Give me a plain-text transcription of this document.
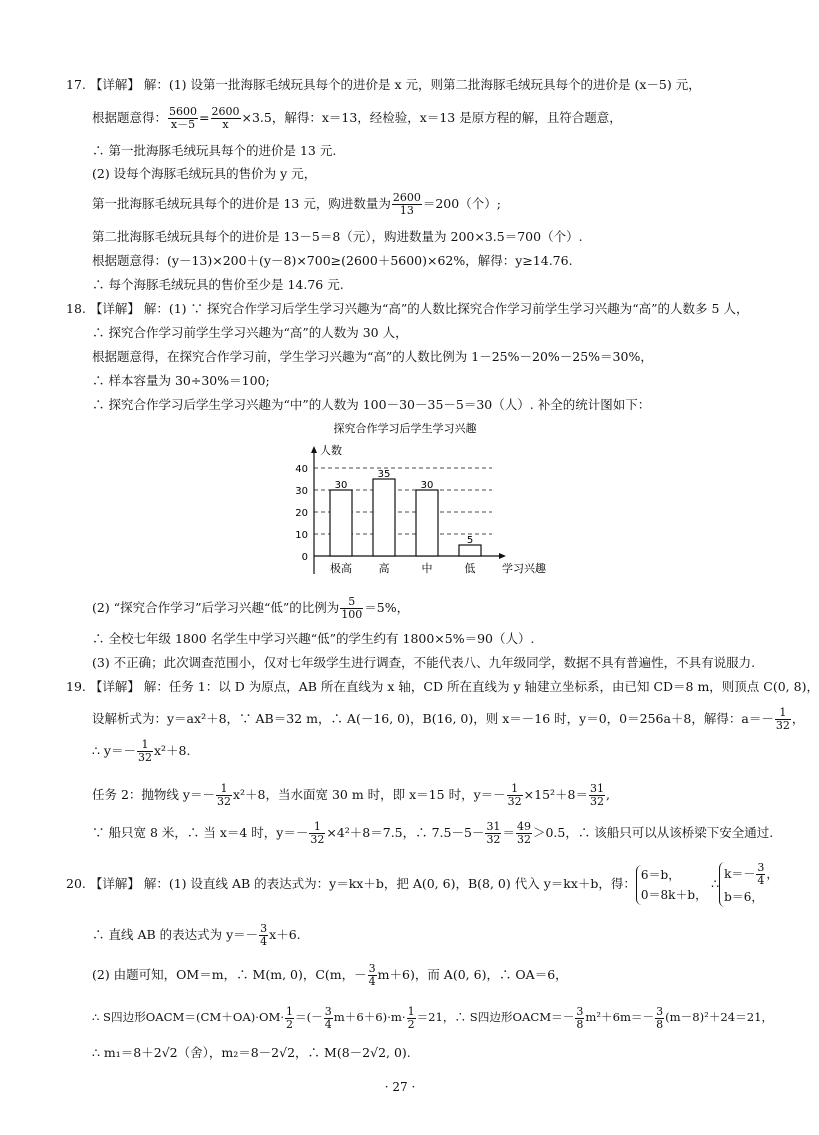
17. 【详解】 解：(1) 设第一批海豚毛绒玩具每个的进价是 x 元，则第二批海豚毛绒玩具每个的进价是 (x－5) 元，
根据题意得： $\frac{5600}{x-5} = \frac{2600}{x} \times 3.5$，解得：x＝13，经检验，x＝13 是原方程的解，且符合题意，
∴ 第一批海豚毛绒玩具每个的进价是 13 元.
(2) 设每个海豚毛绒玩具的售价为 y 元，
第一批海豚毛绒玩具每个的进价是 13 元，购进数量为 $\frac{2600}{13} =200$（个）;
第二批海豚毛绒玩具每个的进价是 13－5＝8（元），购进数量为 200×3.5＝700（个）.
根据题意得：(y－13)×200＋(y－8)×700≥(2600＋5600)×62%，解得：y≥14.76.
∴ 每个海豚毛绒玩具的售价至少是 14.76 元.
18. 【详解】 解：(1) ∵ 探究合作学习后学生学习兴趣为“高”的人数比探究合作学习前学生学习兴趣为“高”的人数多 5 人，
∴ 探究合作学习前学生学习兴趣为“高”的人数为 30 人，
根据题意得，在探究合作学习前，学生学习兴趣为“高”的人数比例为 1－25%－20%－25%＝30%，
∴ 样本容量为 30÷30%＝100;
∴ 探究合作学习后学生学习兴趣为“中”的人数为 100－30－35－5＝30（人）. 补全的统计图如下：
探究合作学习后学生学习兴趣
人数
学习兴趣
0
10
20
30
40
30
极高
35
高
30
中
5
低
(2) “探究合作学习”后学习兴趣“低”的比例为 $\frac{5}{100} =5\%$，
∴ 全校七年级 1800 名学生中学习兴趣“低”的学生约有 1800×5%＝90（人）.
(3) 不正确；此次调查范围小，仅对七年级学生进行调查，不能代表八、九年级同学，数据不具有普遍性，不具有说服力.
19. 【详解】 解：任务 1：以 D 为原点，AB 所在直线为 x 轴，CD 所在直线为 y 轴建立坐标系，由已知 CD＝8 m，则顶点 C(0, 8)，
设解析式为：y＝ax²＋8，∵ AB＝32 m，∴ A(－16, 0)，B(16, 0)，则 x＝－16 时，y＝0，0＝256a＋8，解得：$a=- \frac{1}{32}$ ，
∴ $y=- \frac{1}{32} x^2+8$.
任务 2：抛物线 $y=- \frac{1}{32} x^2+8$，当水面宽 30 m 时，即 x＝15 时，$y=- \frac{1}{32} \times 15^2+8= \frac{31}{32}$ ,
∵ 船只宽 8 米，∴ 当 x＝4 时，$y=- \frac{1}{32} \times 4^2+8=7.5$，∴ $7.5-5- \frac{31}{32} = \frac{49}{32} >0.5$，∴ 该船只可以从该桥梁下安全通过.
20. 【详解】 解：(1) 设直线 AB 的表达式为：y＝kx＋b，把 A(0, 6)，B(8, 0) 代入 y＝kx＋b，得：
6＝b，
0＝8k＋b，
∴
$k=- \frac{3}{4}$ ，
b＝6，
∴ 直线 AB 的表达式为 $y=- \frac{3}{4} x+6$.
(2) 由题可知，OM＝m，∴ M(m, 0)，C(m，－ $\frac{3}{4} m+6$)，而 A(0, 6)，∴ OA＝6，
∴ S四边形OACM＝(CM＋OA)·OM· $\frac{1}{2}$ ＝(－ $\frac{3}{4} m+6+6)\cdot m\cdot \frac{1}{2} =21$，∴ S四边形OACM＝－ $\frac{3}{8} m^2+6m=- \frac{3}{8} (m-8)^2+24=21$，
∴ m₁＝8＋2√2（舍），m₂＝8－2√2，∴ M(8－2√2, 0).
· 27 ·
